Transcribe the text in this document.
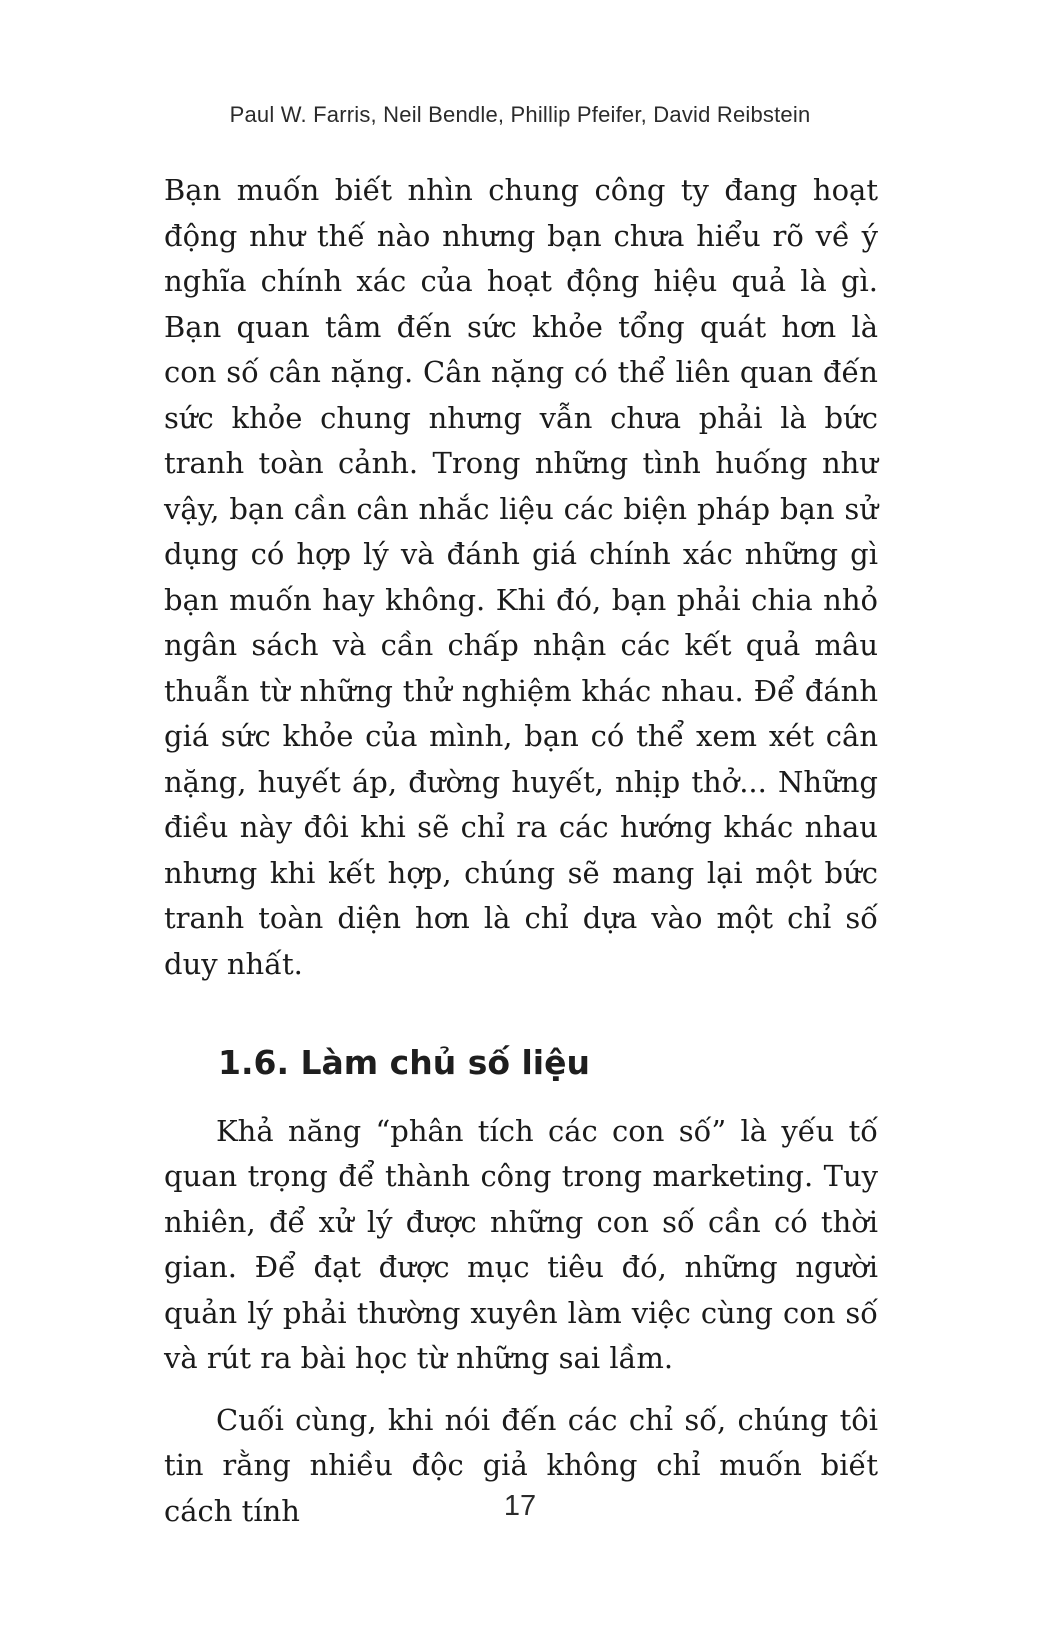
Paul W. Farris, Neil Bendle, Phillip Pfeifer, David Reibstein

Bạn muốn biết nhìn chung công ty đang hoạt động như thế nào nhưng bạn chưa hiểu rõ về ý nghĩa chính xác của hoạt động hiệu quả là gì. Bạn quan tâm đến sức khỏe tổng quát hơn là con số cân nặng. Cân nặng có thể liên quan đến sức khỏe chung nhưng vẫn chưa phải là bức tranh toàn cảnh. Trong những tình huống như vậy, bạn cần cân nhắc liệu các biện pháp bạn sử dụng có hợp lý và đánh giá chính xác những gì bạn muốn hay không. Khi đó, bạn phải chia nhỏ ngân sách và cần chấp nhận các kết quả mâu thuẫn từ những thử nghiệm khác nhau. Để đánh giá sức khỏe của mình, bạn có thể xem xét cân nặng, huyết áp, đường huyết, nhịp thở... Những điều này đôi khi sẽ chỉ ra các hướng khác nhau nhưng khi kết hợp, chúng sẽ mang lại một bức tranh toàn diện hơn là chỉ dựa vào một chỉ số duy nhất.

1.6. Làm chủ số liệu

Khả năng “phân tích các con số” là yếu tố quan trọng để thành công trong marketing. Tuy nhiên, để xử lý được những con số cần có thời gian. Để đạt được mục tiêu đó, những người quản lý phải thường xuyên làm việc cùng con số và rút ra bài học từ những sai lầm.

Cuối cùng, khi nói đến các chỉ số, chúng tôi tin rằng nhiều độc giả không chỉ muốn biết cách tính	17
